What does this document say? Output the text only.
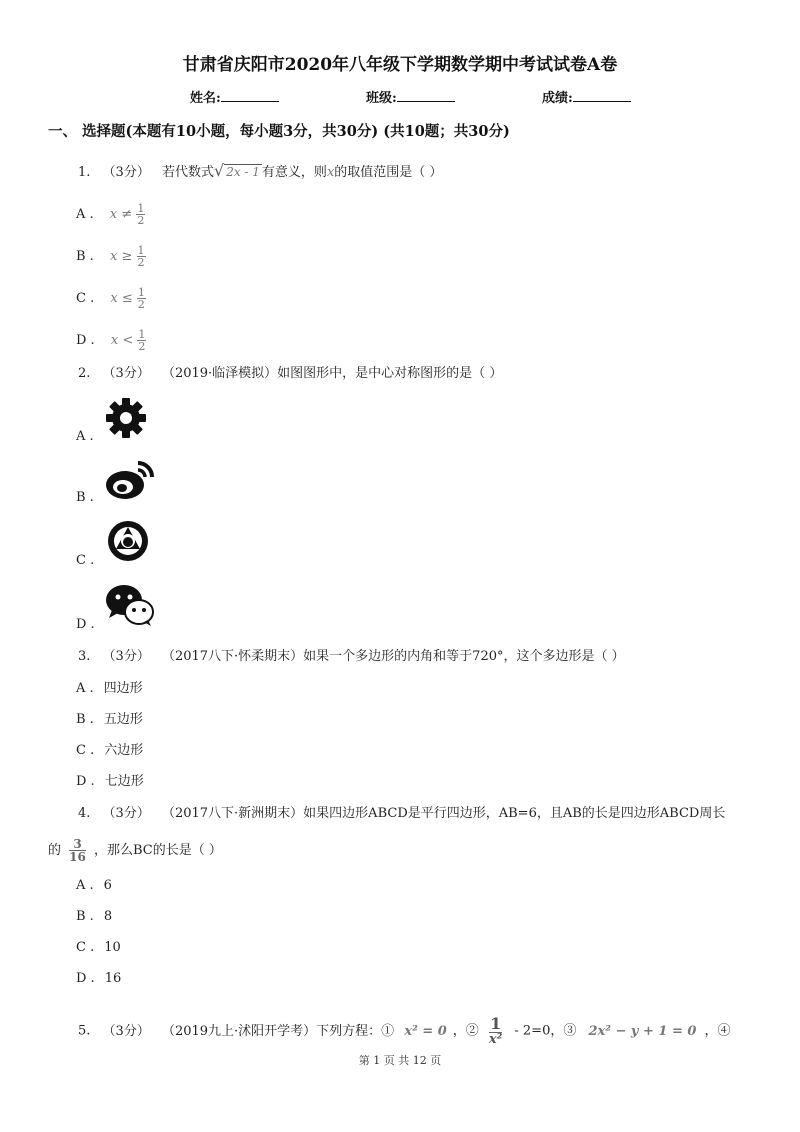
甘肃省庆阳市2020年八年级下学期数学期中考试试卷A卷
姓名:	班级:	成绩:
一、 选择题(本题有10小题，每小题3分，共30分) (共10题；共30分)
1. （3分） 若代数式√ 2x - 1 有意义，则x的取值范围是（ ）
A . $x \ne \frac{1}{2}$
B . $x \ge \frac{1}{2}$
C . $x \le \frac{1}{2}$
D . $x < \frac{1}{2}$
2. （3分） （2019·临泽模拟）如图图形中，是中心对称图形的是（ ）
A .
B .
C .
D .
3. （3分） （2017八下·怀柔期末）如果一个多边形的内角和等于720°，这个多边形是（ ）
A . 四边形
B . 五边形
C . 六边形
D . 七边形
4. （3分） （2017八下·新洲期末）如果四边形ABCD是平行四边形，AB=6，且AB的长是四边形ABCD周长
的 $\frac{3}{16}$ ，那么BC的长是（ ）
A . 6
B . 8
C . 10
D . 16
5. （3分） （2019九上·沭阳开学考）下列方程：① x² = 0 ，② $\frac{1}{\text{x²}} - 2=0$，③ 2x² − y + 1 = 0 ，④
第 1 页 共 12 页
